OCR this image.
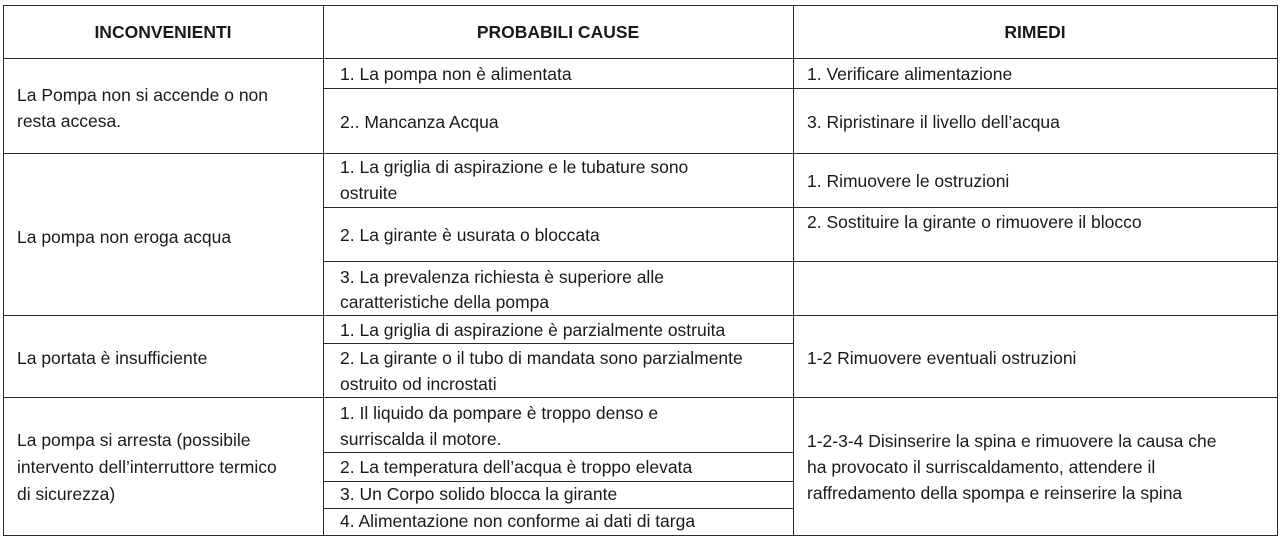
INCONVENIENTI	PROBABILI CAUSE	RIMEDI
La Pompa non si accende o non
resta accesa.
1. La pompa non è alimentata
2.. Mancanza Acqua
1. Verificare alimentazione
3. Ripristinare il livello dell’acqua
La pompa non eroga acqua
1. La griglia di aspirazione e le tubature sono
ostruite
2. La girante è usurata o bloccata
3. La prevalenza richiesta è superiore alle
caratteristiche della pompa
1. Rimuovere le ostruzioni
2. Sostituire la girante o rimuovere il blocco
La portata è insufficiente
1. La griglia di aspirazione è parzialmente ostruita
2. La girante o il tubo di mandata sono parzialmente
ostruito od incrostati
1-2 Rimuovere eventuali ostruzioni
La pompa si arresta (possibile
intervento dell’interruttore termico
di sicurezza)
1. Il liquido da pompare è troppo denso e
surriscalda il motore.
2. La temperatura dell’acqua è troppo elevata
3. Un Corpo solido blocca la girante
4. Alimentazione non conforme ai dati di targa
1-2-3-4 Disinserire la spina e rimuovere la causa che
ha provocato il surriscaldamento, attendere il
raffredamento della spompa e reinserire la spina
